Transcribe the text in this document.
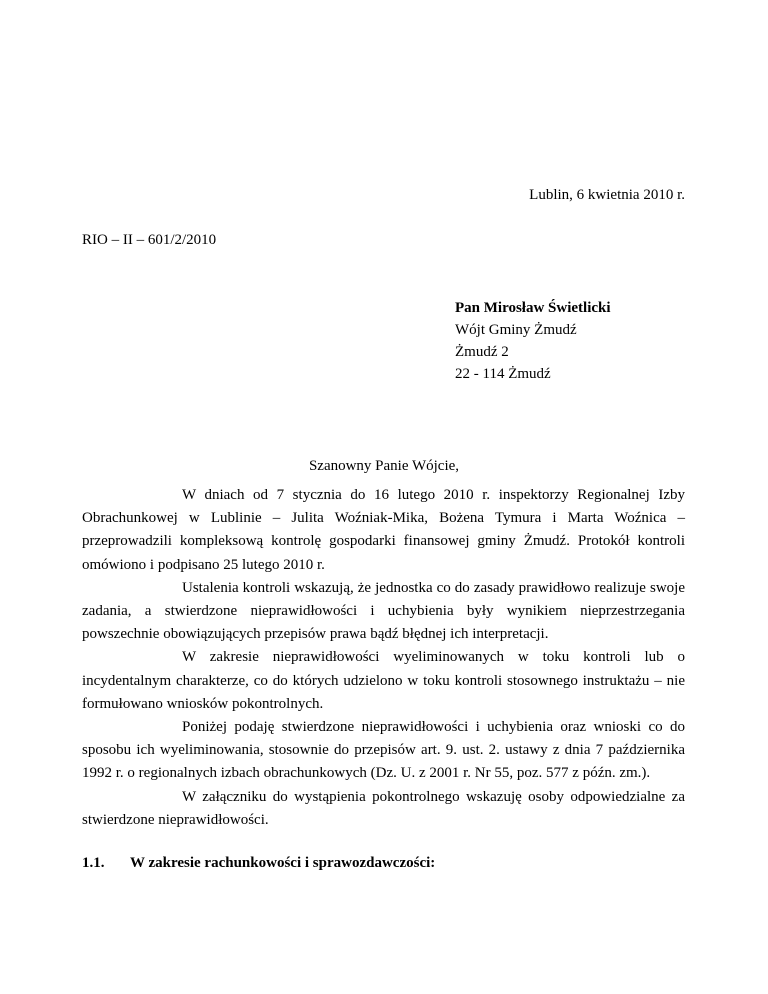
Lublin, 6 kwietnia 2010 r.
RIO – II – 601/2/2010
Pan Mirosław Świetlicki
Wójt Gminy Żmudź
Żmudź 2
22 - 114 Żmudź
Szanowny Panie Wójcie,

W dniach od 7 stycznia do 16 lutego 2010 r. inspektorzy Regionalnej Izby Obrachunkowej w Lublinie – Julita Woźniak-Mika, Bożena Tymura i Marta Woźnica – przeprowadzili kompleksową kontrolę gospodarki finansowej gminy Żmudź. Protokół kontroli omówiono i podpisano 25 lutego 2010 r.

Ustalenia kontroli wskazują, że jednostka co do zasady prawidłowo realizuje swoje zadania, a stwierdzone nieprawidłowości i uchybienia były wynikiem nieprzestrzegania powszechnie obowiązujących przepisów prawa bądź błędnej ich interpretacji.

W zakresie nieprawidłowości wyeliminowanych w toku kontroli lub o incydentalnym charakterze, co do których udzielono w toku kontroli stosownego instruktażu – nie formułowano wniosków pokontrolnych.

Poniżej podaję stwierdzone nieprawidłowości i uchybienia oraz wnioski co do sposobu ich wyeliminowania, stosownie do przepisów art. 9. ust. 2. ustawy z dnia 7 października 1992 r. o regionalnych izbach obrachunkowych (Dz. U. z 2001 r. Nr 55, poz. 577 z późn. zm.).

W załączniku do wystąpienia pokontrolnego wskazuję osoby odpowiedzialne za stwierdzone nieprawidłowości.

1.1. W zakresie rachunkowości i sprawozdawczości:
